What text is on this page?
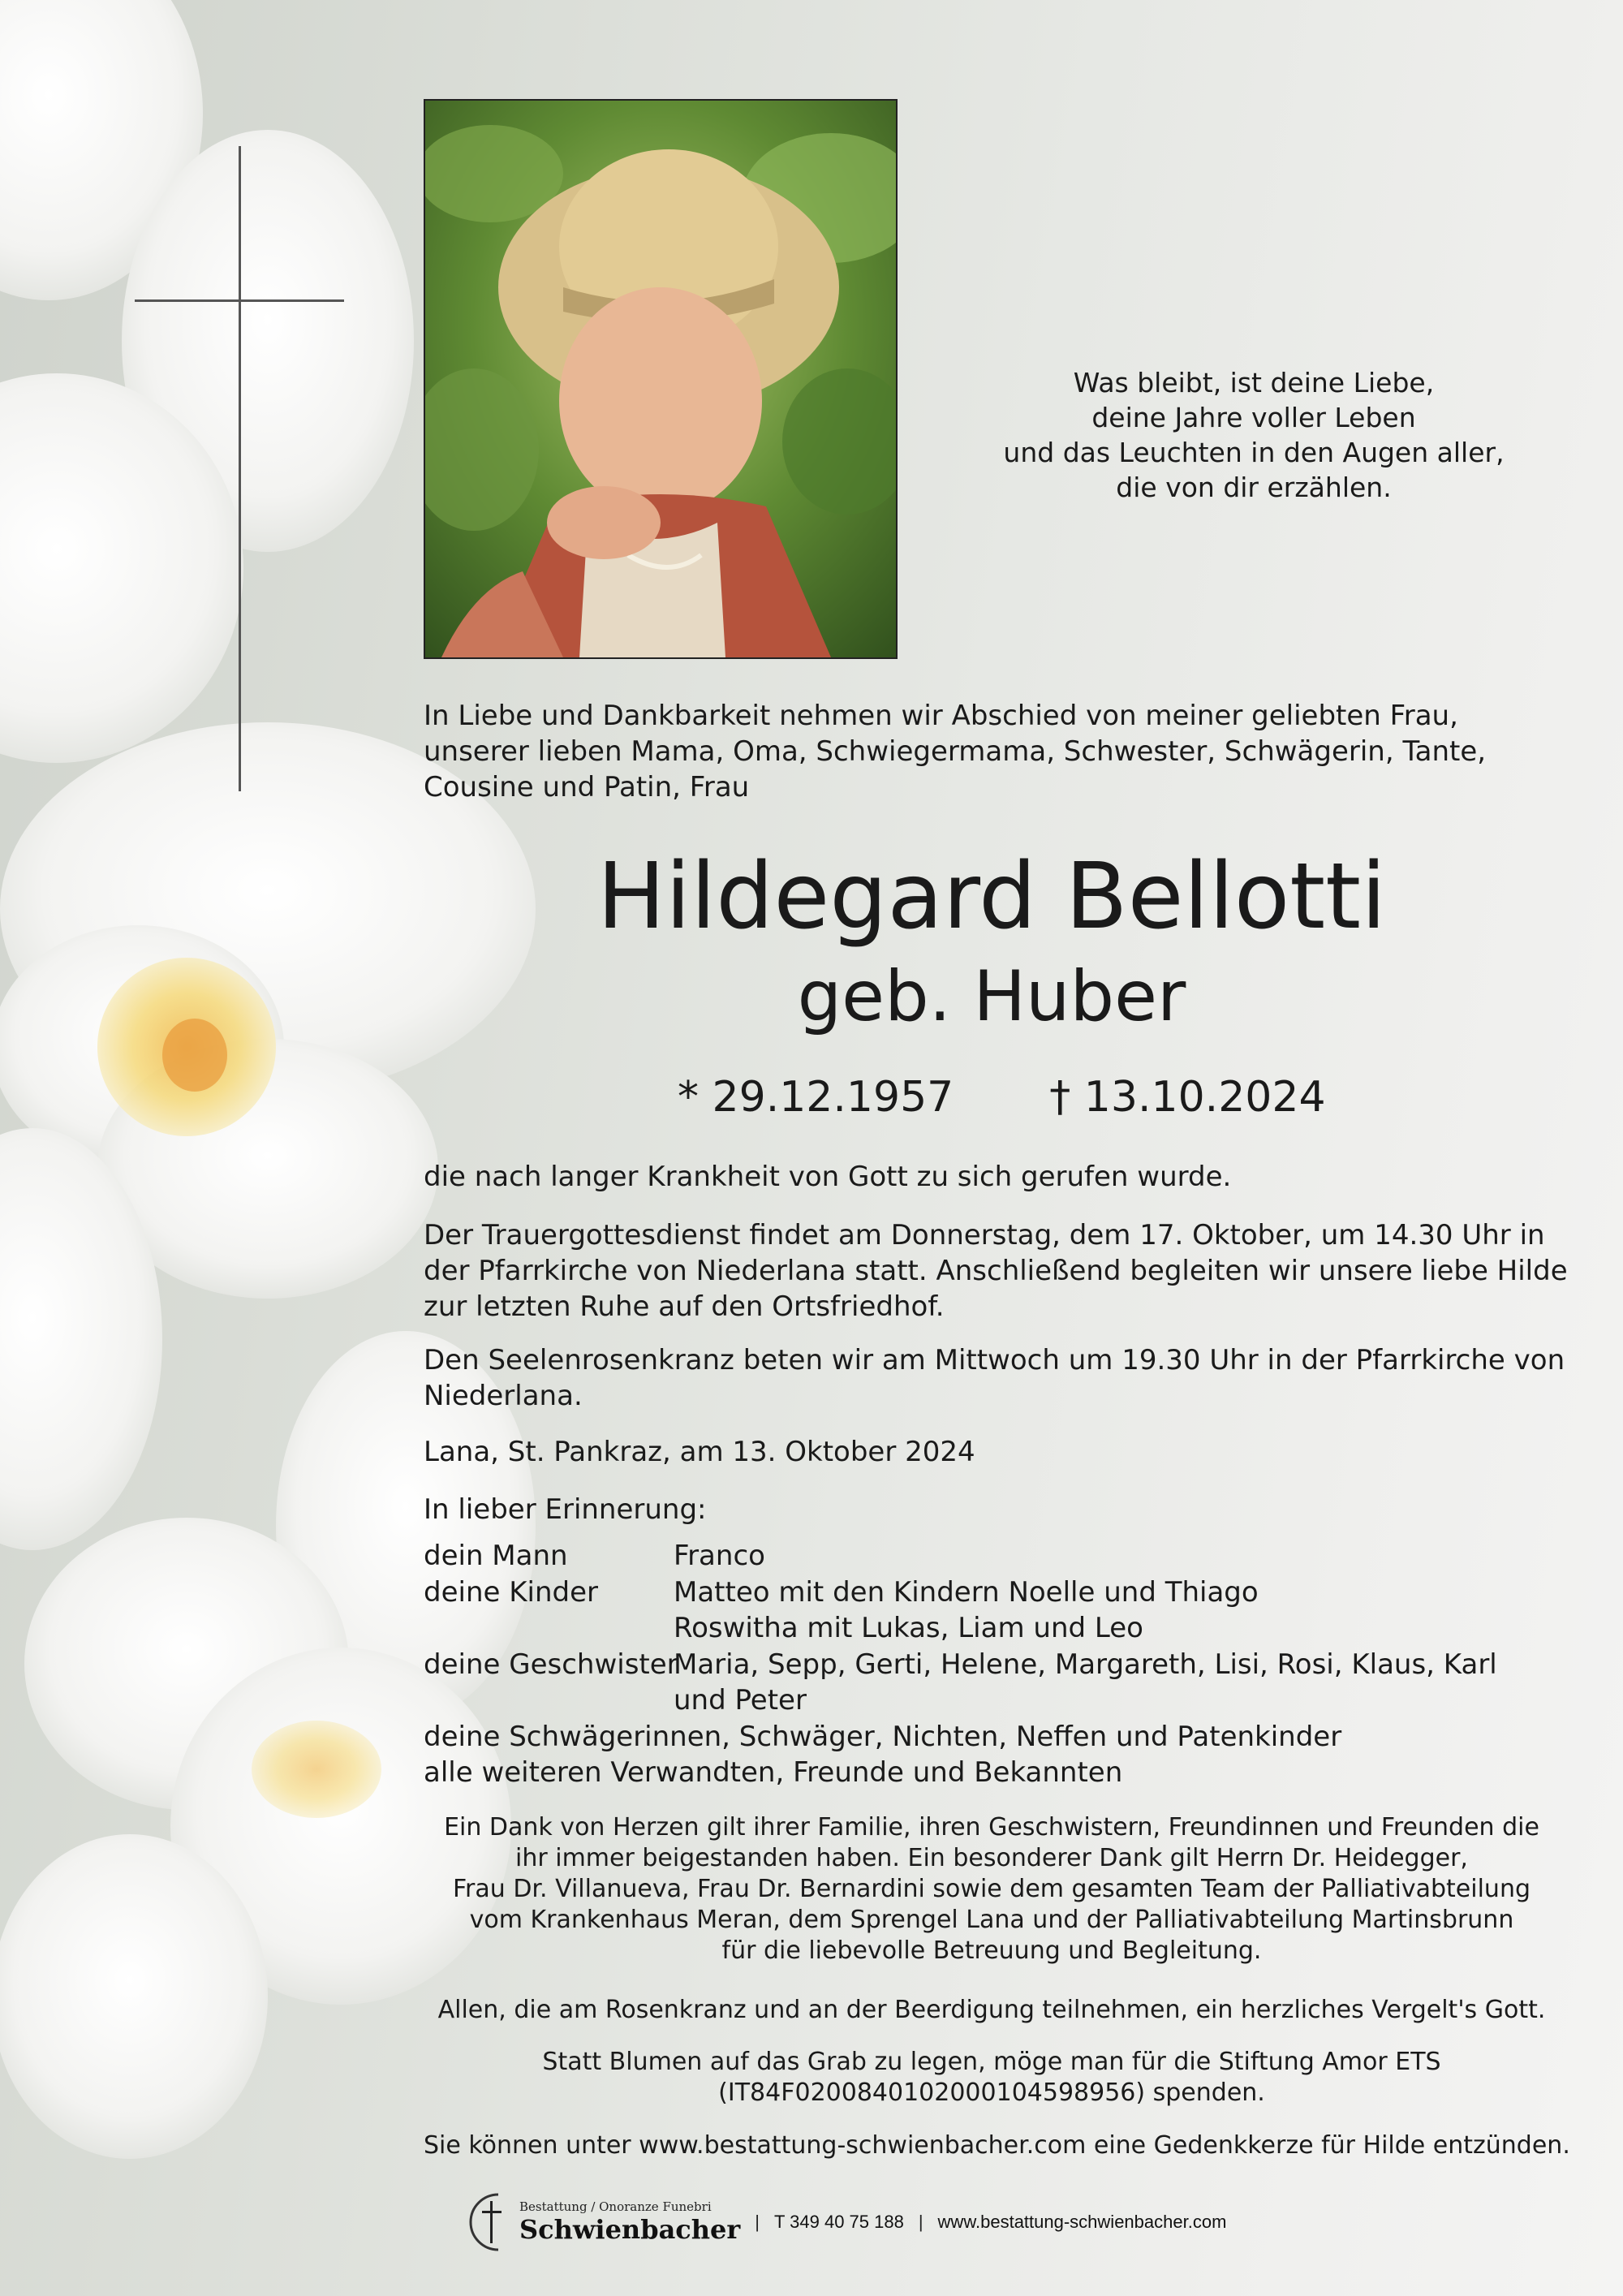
Was bleibt, ist deine Liebe,
deine Jahre voller Leben
und das Leuchten in den Augen aller,
die von dir erzählen.
In Liebe und Dankbarkeit nehmen wir Abschied von meiner geliebten Frau, unserer lieben Mama, Oma, Schwiegermama, Schwester, Schwägerin, Tante, Cousine und Patin, Frau
Hildegard Bellotti
geb. Huber
* 29.12.1957 † 13.10.2024
die nach langer Krankheit von Gott zu sich gerufen wurde.
Der Trauergottesdienst findet am Donnerstag, dem 17. Oktober, um 14.30 Uhr in der Pfarrkirche von Niederlana statt. Anschließend begleiten wir unsere liebe Hilde zur letzten Ruhe auf den Ortsfriedhof.
Den Seelenrosenkranz beten wir am Mittwoch um 19.30 Uhr in der Pfarrkirche von Niederlana.
Lana, St. Pankraz, am 13. Oktober 2024
In lieber Erinnerung:
dein Mann	Franco
deine Kinder	Matteo mit den Kindern Noelle und Thiago
Roswitha mit Lukas, Liam und Leo
deine Geschwister
Maria, Sepp, Gerti, Helene, Margareth, Lisi, Rosi, Klaus, Karl
und Peter
deine Schwägerinnen, Schwäger, Nichten, Neffen und Patenkinder
alle weiteren Verwandten, Freunde und Bekannten
Ein Dank von Herzen gilt ihrer Familie, ihren Geschwistern, Freundinnen und Freunden die
ihr immer beigestanden haben. Ein besonderer Dank gilt Herrn Dr. Heidegger,
Frau Dr. Villanueva, Frau Dr. Bernardini sowie dem gesamten Team der Palliativabteilung
vom Krankenhaus Meran, dem Sprengel Lana und der Palliativabteilung Martinsbrunn
für die liebevolle Betreuung und Begleitung.
Allen, die am Rosenkranz und an der Beerdigung teilnehmen, ein herzliches Vergelt's Gott.
Statt Blumen auf das Grab zu legen, möge man für die Stiftung Amor ETS
(IT84F0200840102000104598956) spenden.
Sie können unter www.bestattung-schwienbacher.com eine Gedenkkerze für Hilde entzünden.
Bestattung / Onoranze Funebri
Schwienbacher | T 349 40 75 188 | www.bestattung-schwienbacher.com
